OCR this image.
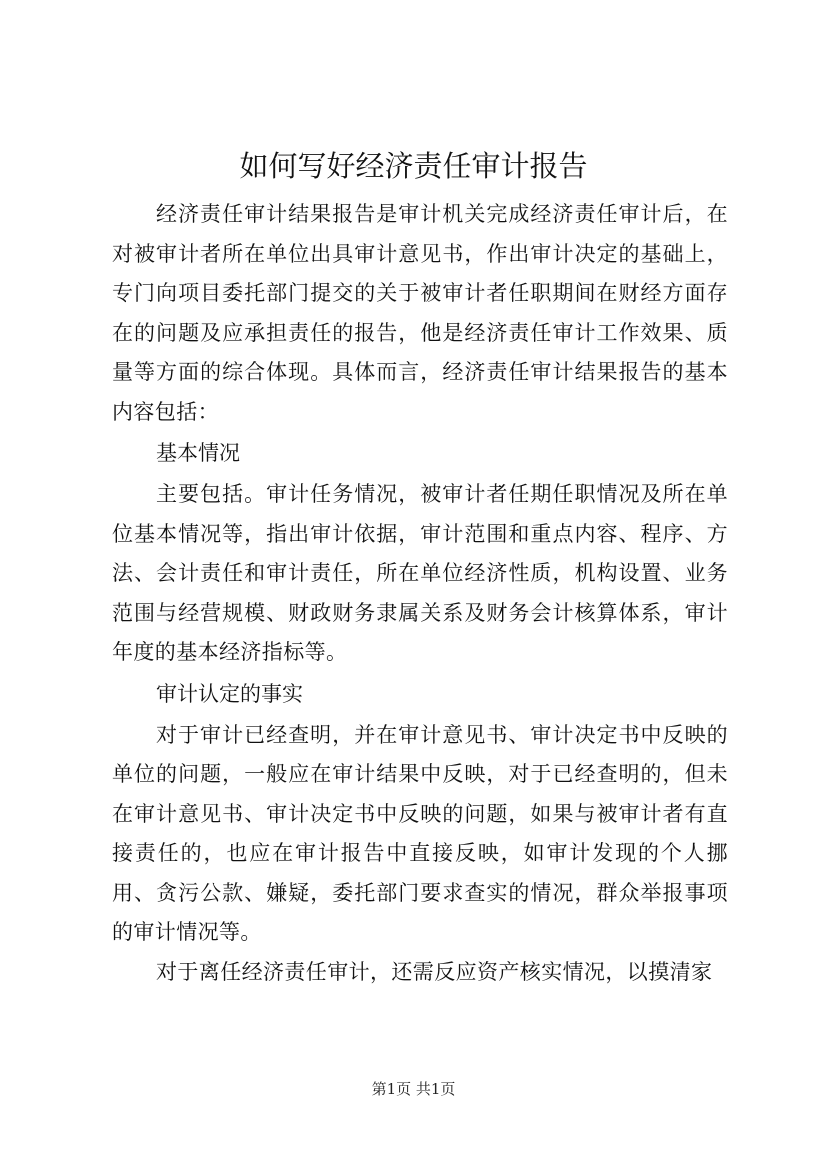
如何写好经济责任审计报告

经济责任审计结果报告是审计机关完成经济责任审计后，在对被审计者所在单位出具审计意见书，作出审计决定的基础上，专门向项目委托部门提交的关于被审计者任职期间在财经方面存在的问题及应承担责任的报告，他是经济责任审计工作效果、质量等方面的综合体现。具体而言，经济责任审计结果报告的基本内容包括：

基本情况

主要包括。审计任务情况，被审计者任期任职情况及所在单位基本情况等，指出审计依据，审计范围和重点内容、程序、方法、会计责任和审计责任，所在单位经济性质，机构设置、业务范围与经营规模、财政财务隶属关系及财务会计核算体系，审计年度的基本经济指标等。

审计认定的事实

对于审计已经查明，并在审计意见书、审计决定书中反映的单位的问题，一般应在审计结果中反映，对于已经查明的，但未在审计意见书、审计决定书中反映的问题，如果与被审计者有直接责任的，也应在审计报告中直接反映，如审计发现的个人挪用、贪污公款、嫌疑，委托部门要求查实的情况，群众举报事项的审计情况等。

对于离任经济责任审计，还需反应资产核实情况，以摸清家

第1页 共1页
